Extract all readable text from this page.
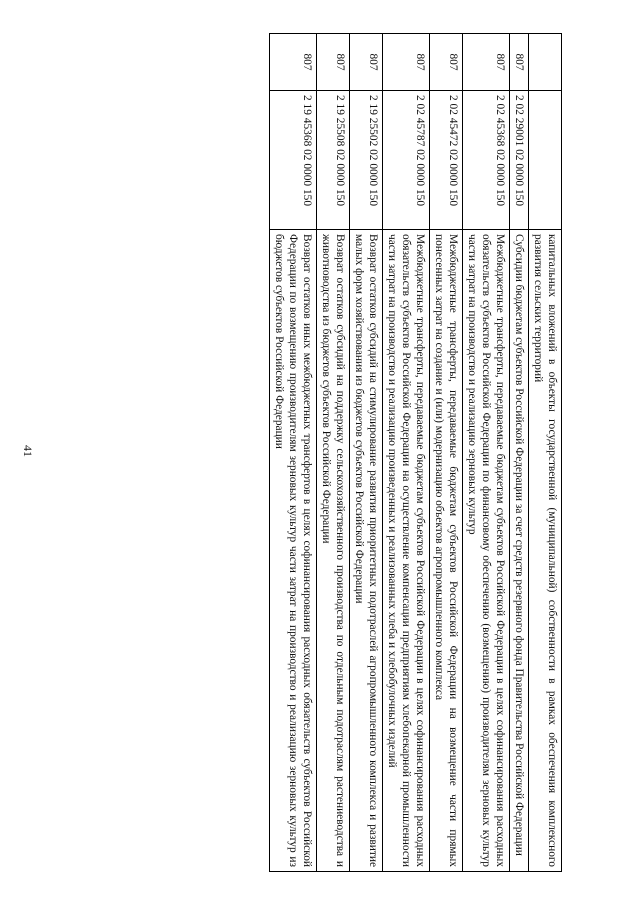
41
			капитальных вложений в объекты государственной (муниципальной) собственности в рамках обеспечения комплексного развития сельских территорий
807	2 02 29001 02 0000 150	Субсидии бюджетам субъектов Российской Федерации за счет средств резервного фонда Правительства Российской Федерации
807	2 02 45368 02 0000 150	Межбюджетные трансферты, передаваемые бюджетам субъектов Российской Федерации в целях софинансирования расходных обязательств субъектов Российской Федерации по финансовому обеспечению (возмещению) производителям зерновых культур части затрат на производство и реализацию зерновых культур
807	2 02 45472 02 0000 150	Межбюджетные трансферты, передаваемые бюджетам субъектов Российской Федерации на возмещение части прямых понесенных затрат на создание и (или) модернизацию объектов агропромышленного комплекса
807	2 02 45787 02 0000 150	Межбюджетные трансферты, передаваемые бюджетам субъектов Российской Федерации в целях софинансирования расходных обязательств субъектов Российской Федерации на осуществление компенсации предприятиям хлебопекарной промышленности части затрат на производство и реализацию произведенных и реализованных хлеба и хлебобулочных изделий
807	2 19 25502 02 0000 150	Возврат остатков субсидий на стимулирование развития приоритетных подотраслей агропромышленного комплекса и развитие малых форм хозяйствования из бюджетов субъектов Российской Федерации
807	2 19 25508 02 0000 150	Возврат остатков субсидий на поддержку сельскохозяйственного производства по отдельным подотраслям растениеводства и животноводства из бюджетов субъектов Российской Федерации
807	2 19 45368 02 0000 150	Возврат остатков иных межбюджетных трансфертов в целях софинансирования расходных обязательств субъектов Российской Федерации по возмещению производителям зерновых культур части затрат на производство и реализацию зерновых культур из бюджетов субъектов Российской Федерации
